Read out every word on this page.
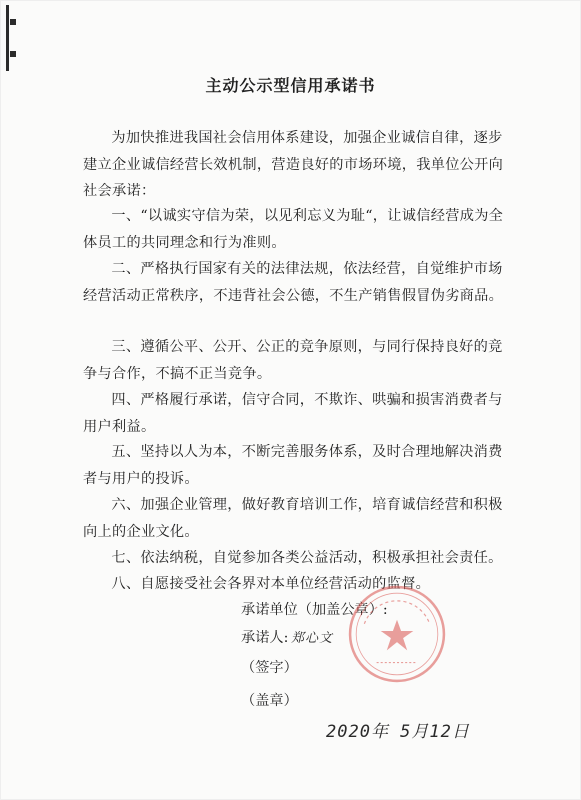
主动公示型信用承诺书

为加快推进我国社会信用体系建设，加强企业诚信自律，逐步建立企业诚信经营长效机制，营造良好的市场环境，我单位公开向社会承诺：

一、“以诚实守信为荣，以见利忘义为耻“，让诚信经营成为全体员工的共同理念和行为准则。

二、严格执行国家有关的法律法规，依法经营，自觉维护市场经营活动正常秩序，不违背社会公德，不生产销售假冒伪劣商品。

三、遵循公平、公开、公正的竞争原则，与同行保持良好的竞争与合作，不搞不正当竞争。

四、严格履行承诺，信守合同，不欺诈、哄骗和损害消费者与用户利益。

五、坚持以人为本，不断完善服务体系，及时合理地解决消费者与用户的投诉。

六、加强企业管理，做好教育培训工作，培育诚信经营和积极向上的企业文化。

七、依法纳税，自觉参加各类公益活动，积极承担社会责任。

八、自愿接受社会各界对本单位经营活动的监督。

承诺单位（加盖公章）:

承诺人: 郑心文

（签字）

（盖章）

2020年 5月12日
